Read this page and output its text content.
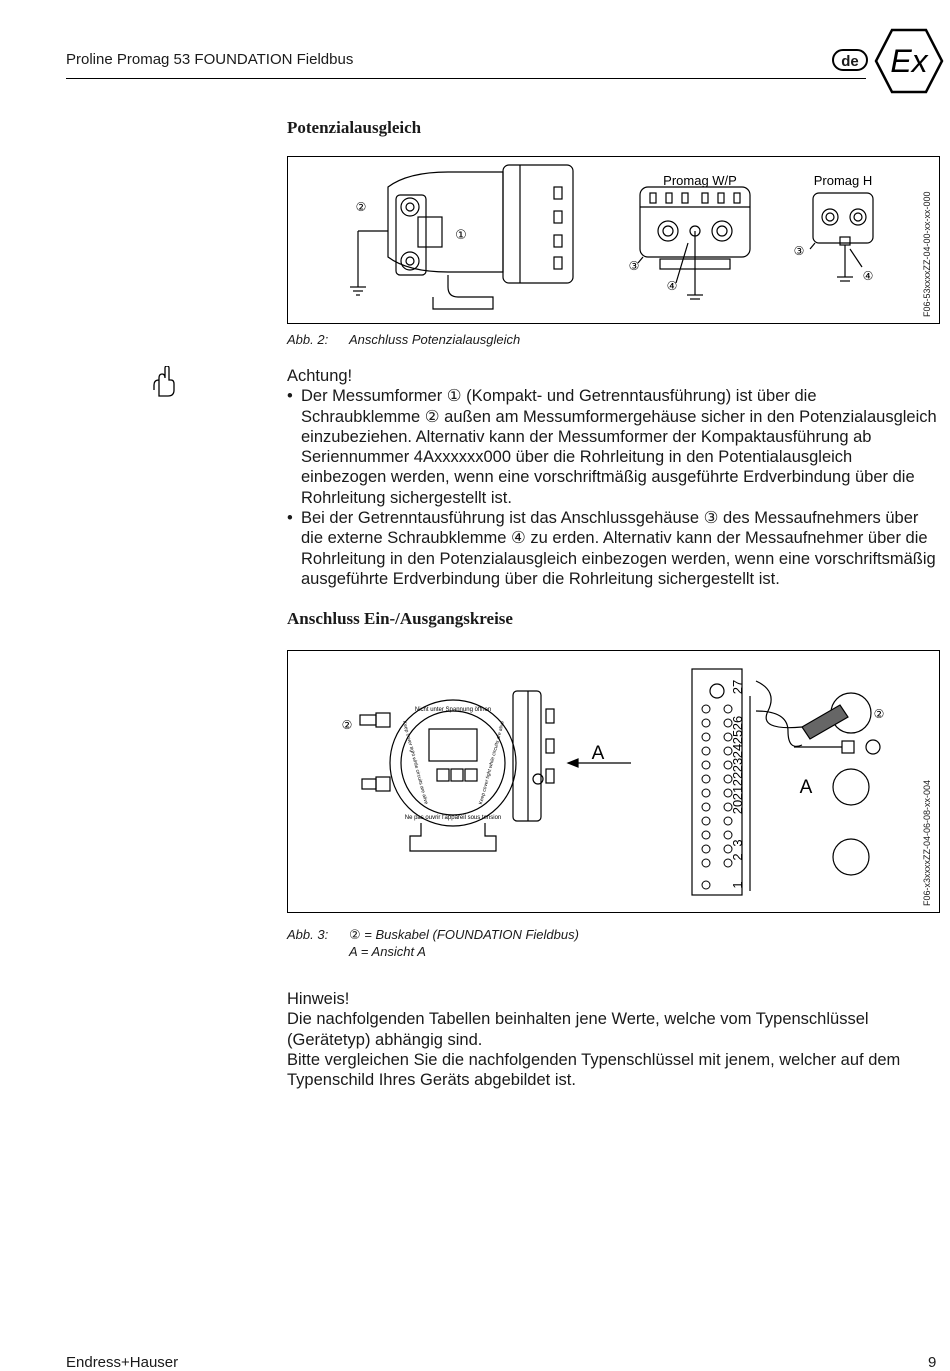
Proline Promag 53 FOUNDATION Fieldbus	de Ex
Potenzialausgleich
②
①
③
④
③
④
Promag W/P	Promag H
F06-53xxxxZZ-04-00-xx-xx-000
Abb. 2: Anschluss Potenzialausgleich
Achtung!
• Der Messumformer ① (Kompakt- und Getrenntausführung) ist über die Schraubklemme ② außen am Messumformergehäuse sicher in den Potenzialausgleich einzubeziehen. Alternativ kann der Messumformer der Kompaktausführung ab Seriennummer 4Axxxxxx000 über die Rohrleitung in den Potentialausgleich einbezogen werden, wenn eine vorschriftmäßig ausgeführte Erdverbindung über die Rohrleitung sichergestellt ist.
• Bei der Getrenntausführung ist das Anschlussgehäuse ③ des Messaufnehmers über die externe Schraubklemme ④ zu erden. Alternativ kann der Messaufnehmer über die Rohrleitung in den Potenzialausgleich einbezogen werden, wenn eine vorschriftsmäßig ausgeführte Erdverbindung über die Rohrleitung sichergestellt ist.
Anschluss Ein-/Ausgangskreise
②
②
A
A
Nicht unter Spannung öffnen
Ne pas ouvrir l'appareil sous tension
Keep cover tight while circuits are alive	Keep cover tight while circuits are alive
1
2
3
20
21
22
23
24
25
26
27
F06-x3xxxxZZ-04-06-08-xx-004
Abb. 3: ② = Buskabel (FOUNDATION Fieldbus)
A = Ansicht A
Hinweis!
Die nachfolgenden Tabellen beinhalten jene Werte, welche vom Typenschlüssel (Gerätetyp) abhängig sind.
Bitte vergleichen Sie die nachfolgenden Typenschlüssel mit jenem, welcher auf dem Typenschild Ihres Geräts abgebildet ist.
Endress+Hauser	9
